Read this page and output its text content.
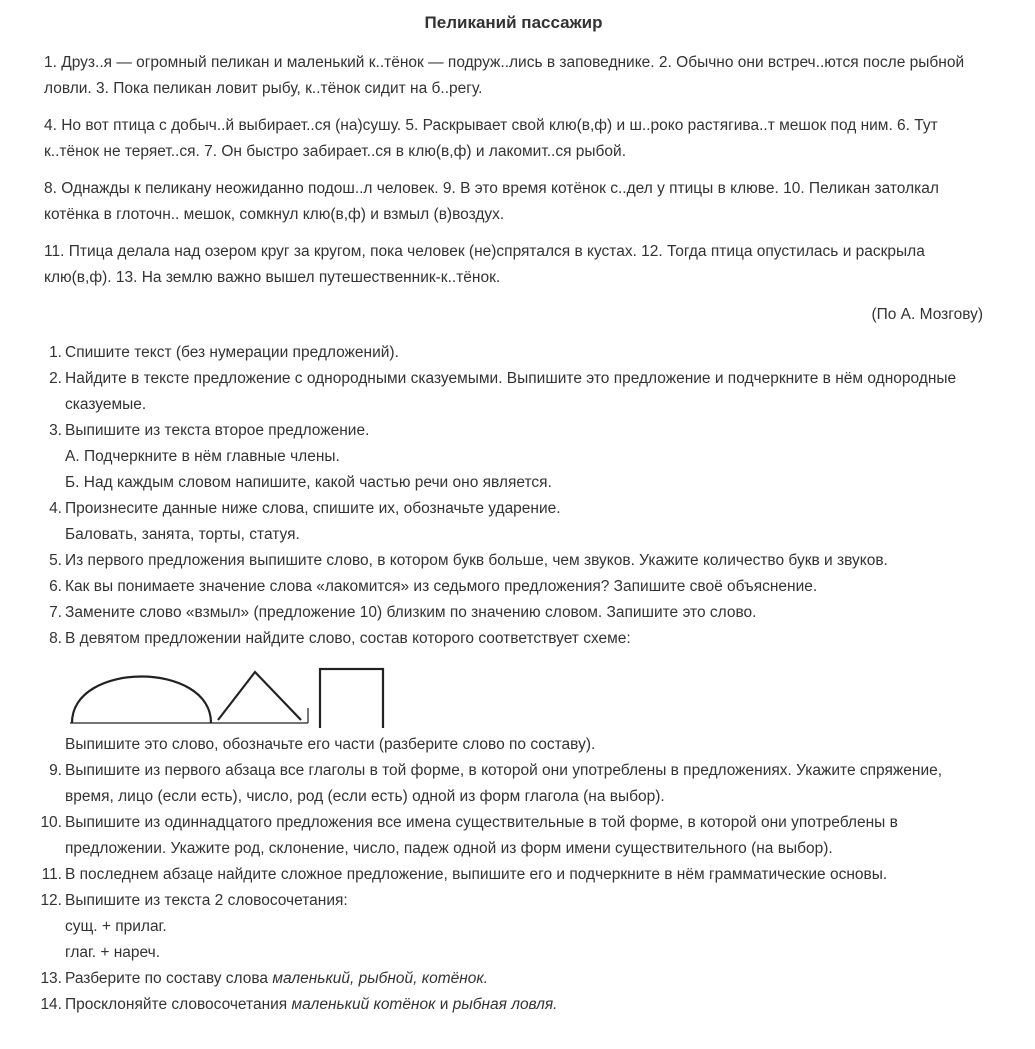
Пеликаний пассажир
1. Друз..я — огромный пеликан и маленький к..тёнок — подруж..лись в заповеднике. 2. Обычно они встреч..ются после рыбной ловли. 3. Пока пеликан ловит рыбу, к..тёнок сидит на б..регу.
4. Но вот птица с добыч..й выбирает..ся (на)сушу. 5. Раскрывает свой клю(в,ф) и ш..роко растягива..т мешок под ним. 6. Тут к..тёнок не теряет..ся. 7. Он быстро забирает..ся в клю(в,ф) и лакомит..ся рыбой.
8. Однажды к пеликану неожиданно подош..л человек. 9. В это время котёнок с..дел у птицы в клюве. 10. Пеликан затолкал котёнка в глоточн.. мешок, сомкнул клю(в,ф) и взмыл (в)воздух.
11. Птица делала над озером круг за кругом, пока человек (не)спрятался в кустах. 12. Тогда птица опустилась и раскрыла клю(в,ф). 13. На землю важно вышел путешественник-к..тёнок.
(По А. Мозгову)
1. Спишите текст (без нумерации предложений).
2. Найдите в тексте предложение с однородными сказуемыми. Выпишите это предложение и подчеркните в нём однородные сказуемые.
3. Выпишите из текста второе предложение.
А. Подчеркните в нём главные члены.
Б. Над каждым словом напишите, какой частью речи оно является.
4. Произнесите данные ниже слова, спишите их, обозначьте ударение.
Баловать, занята, торты, статуя.
5. Из первого предложения выпишите слово, в котором букв больше, чем звуков. Укажите количество букв и звуков.
6. Как вы понимаете значение слова «лакомится» из седьмого предложения? Запишите своё объяснение.
7. Замените слово «взмыл» (предложение 10) близким по значению словом. Запишите это слово.
8. В девятом предложении найдите слово, состав которого соответствует схеме:
Выпишите это слово, обозначьте его части (разберите слово по составу).
9. Выпишите из первого абзаца все глаголы в той форме, в которой они употреблены в предложениях. Укажите спряжение, время, лицо (если есть), число, род (если есть) одной из форм глагола (на выбор).
10. Выпишите из одиннадцатого предложения все имена существительные в той форме, в которой они употреблены в предложении. Укажите род, склонение, число, падеж одной из форм имени существительного (на выбор).
11. В последнем абзаце найдите сложное предложение, выпишите его и подчеркните в нём грамматические основы.
12. Выпишите из текста 2 словосочетания:
сущ. + прилаг.
глаг. + нареч.
13. Разберите по составу слова маленький, рыбной, котёнок.
14. Просклоняйте словосочетания маленький котёнок и рыбная ловля.
